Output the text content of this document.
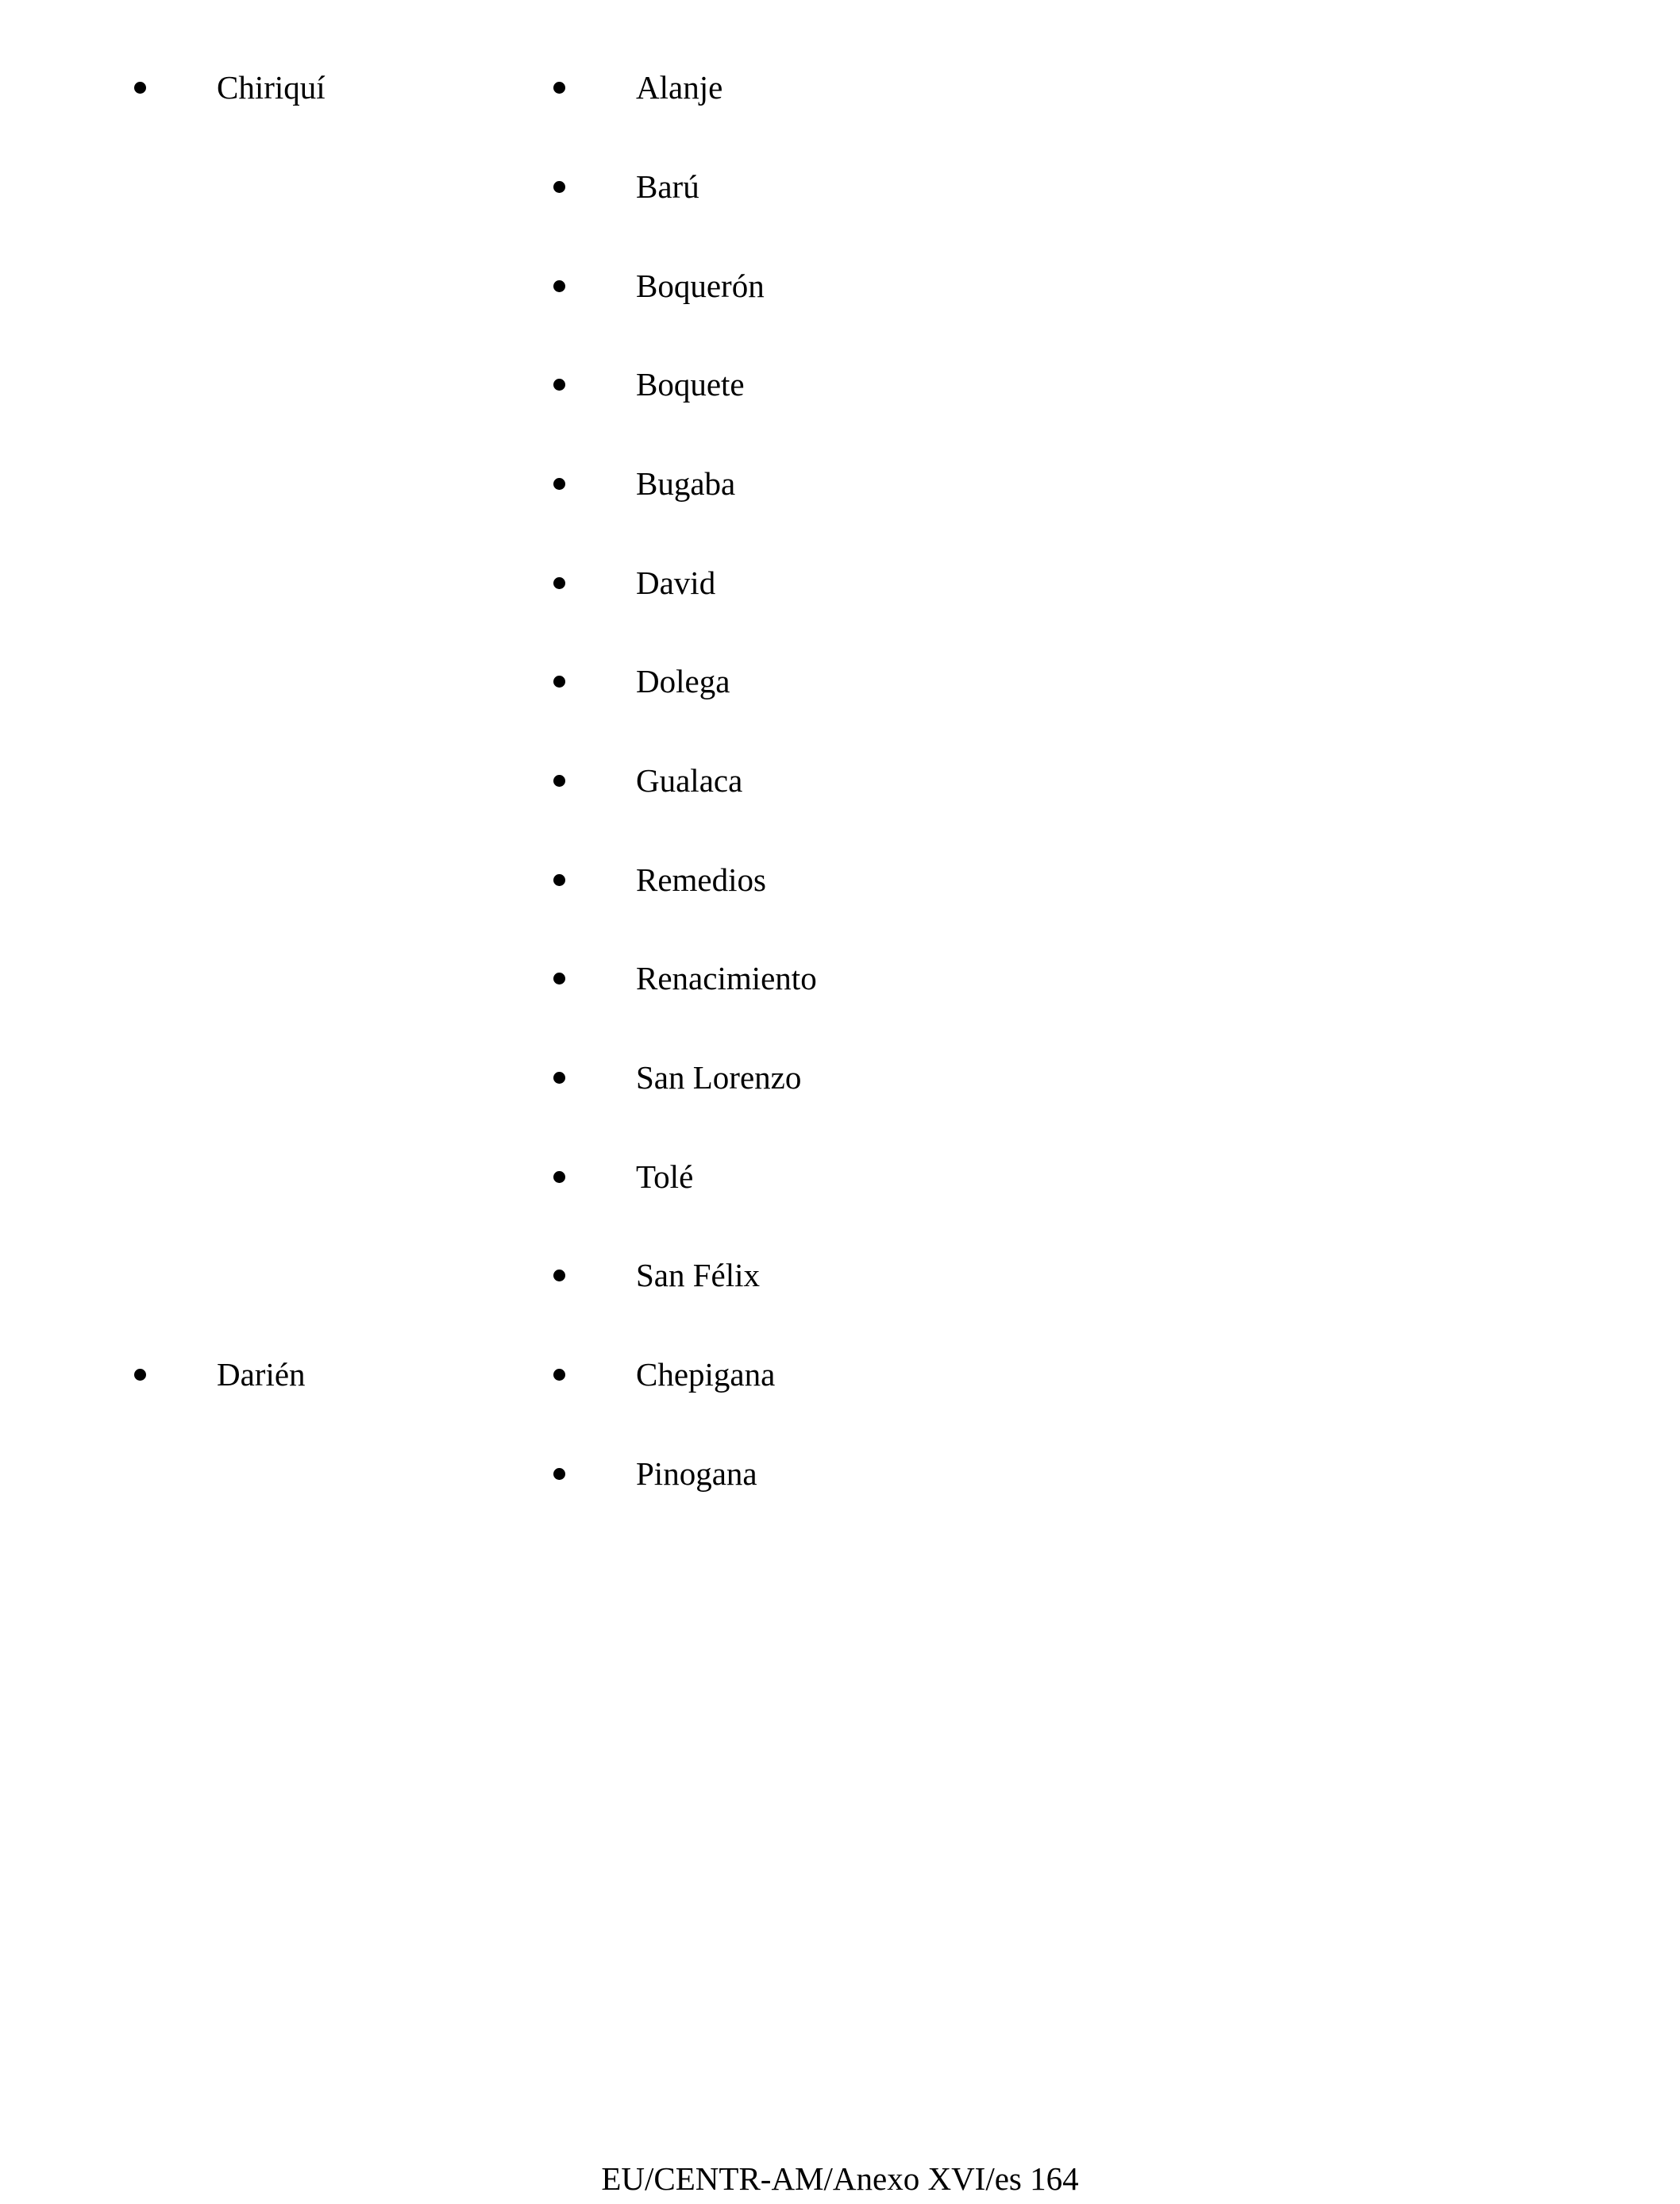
Chiriquí	Alanje
Barú
Boquerón
Boquete
Bugaba
David
Dolega
Gualaca
Remedios
Renacimiento
San Lorenzo
Tolé
San Félix
Darién	Chepigana
Pinogana
EU/CENTR-AM/Anexo XVI/es 164
